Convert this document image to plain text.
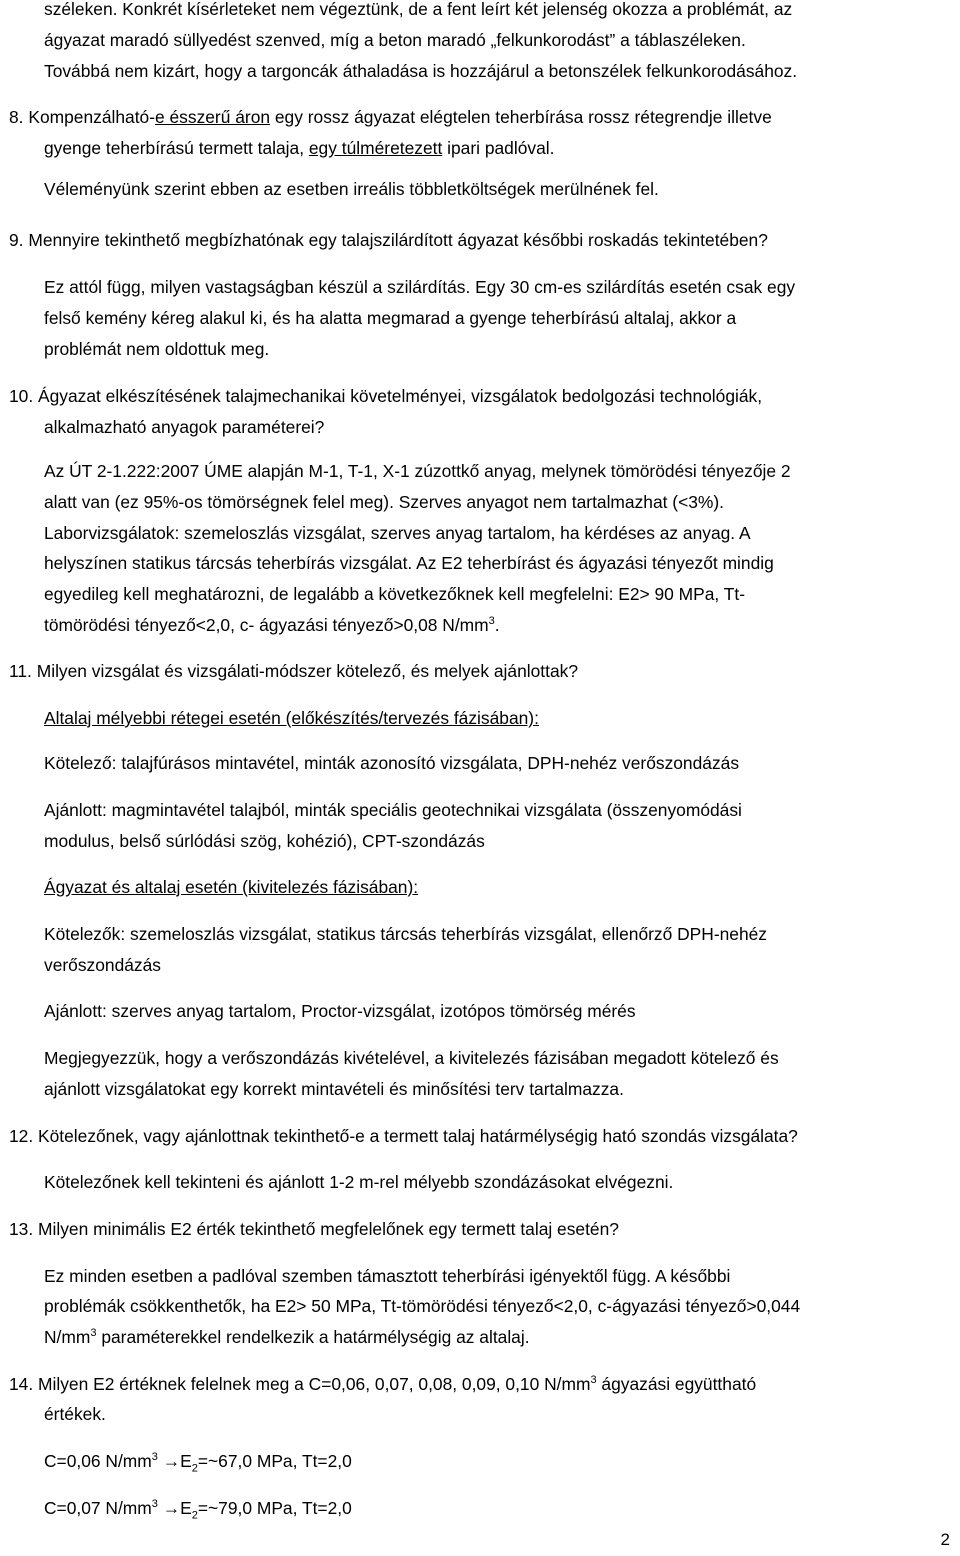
széleken. Konkrét kísérleteket nem végeztünk, de a fent leírt két jelenség okozza a problémát, az

ágyazat maradó süllyedést szenved, míg a beton maradó „felkunkorodást” a táblaszéleken.

Továbbá nem kizárt, hogy a targoncák áthaladása is hozzájárul a betonszélek felkunkorodásához.

8. Kompenzálható-e ésszerű áron egy rossz ágyazat elégtelen teherbírása rossz rétegrendje illetve

gyenge teherbírású termett talaja, egy túlméretezett ipari padlóval.

Véleményünk szerint ebben az esetben irreális többletköltségek merülnének fel.

9. Mennyire tekinthető megbízhatónak egy talajszilárdított ágyazat későbbi roskadás tekintetében?

Ez attól függ, milyen vastagságban készül a szilárdítás. Egy 30 cm-es szilárdítás esetén csak egy

felső kemény kéreg alakul ki, és ha alatta megmarad a gyenge teherbírású altalaj, akkor a

problémát nem oldottuk meg.

10. Ágyazat elkészítésének talajmechanikai követelményei, vizsgálatok bedolgozási technológiák,

alkalmazható anyagok paraméterei?

Az ÚT 2-1.222:2007 ÚME alapján M-1, T-1, X-1 zúzottkő anyag, melynek tömörödési tényezője 2

alatt van (ez 95%-os tömörségnek felel meg). Szerves anyagot nem tartalmazhat (<3%).

Laborvizsgálatok: szemeloszlás vizsgálat, szerves anyag tartalom, ha kérdéses az anyag. A

helyszínen statikus tárcsás teherbírás vizsgálat. Az E2 teherbírást és ágyazási tényezőt mindig

egyedileg kell meghatározni, de legalább a következőknek kell megfelelni: E2> 90 MPa, Tt-

tömörödési tényező<2,0, c- ágyazási tényező>0,08 $N/mm^3$.

11. Milyen vizsgálat és vizsgálati-módszer kötelező, és melyek ajánlottak?

Altalaj mélyebbi rétegei esetén (előkészítés/tervezés fázisában):

Kötelező: talajfúrásos mintavétel, minták azonosító vizsgálata, DPH-nehéz verőszondázás

Ajánlott: magmintavétel talajból, minták speciális geotechnikai vizsgálata (összenyomódási

modulus, belső súrlódási szög, kohézió), CPT-szondázás

Ágyazat és altalaj esetén (kivitelezés fázisában):

Kötelezők: szemeloszlás vizsgálat, statikus tárcsás teherbírás vizsgálat, ellenőrző DPH-nehéz

verőszondázás

Ajánlott: szerves anyag tartalom, Proctor-vizsgálat, izotópos tömörség mérés

Megjegyezzük, hogy a verőszondázás kivételével, a kivitelezés fázisában megadott kötelező és

ajánlott vizsgálatokat egy korrekt mintavételi és minősítési terv tartalmazza.

12. Kötelezőnek, vagy ajánlottnak tekinthető-e a termett talaj határmélységig ható szondás vizsgálata?

Kötelezőnek kell tekinteni és ajánlott 1-2 m-rel mélyebb szondázásokat elvégezni.

13. Milyen minimális E2 érték tekinthető megfelelőnek egy termett talaj esetén?

Ez minden esetben a padlóval szemben támasztott teherbírási igényektől függ. A későbbi

problémák csökkenthetők, ha E2> 50 MPa, Tt-tömörödési tényező<2,0, c-ágyazási tényező>0,044

$N/mm^3$ paraméterekkel rendelkezik a határmélységig az altalaj.

14. Milyen E2 értéknek felelnek meg a C=0,06, 0,07, 0,08, 0,09, 0,10 $N/mm^3$ ágyazási együttható

értékek.

C=0,06 $N/mm^3$ $\to E_2=\sim 67,0$ MPa, Tt=2,0

C=0,07 $N/mm^3$ $\to E_2=\sim 79,0$ MPa, Tt=2,0

2
